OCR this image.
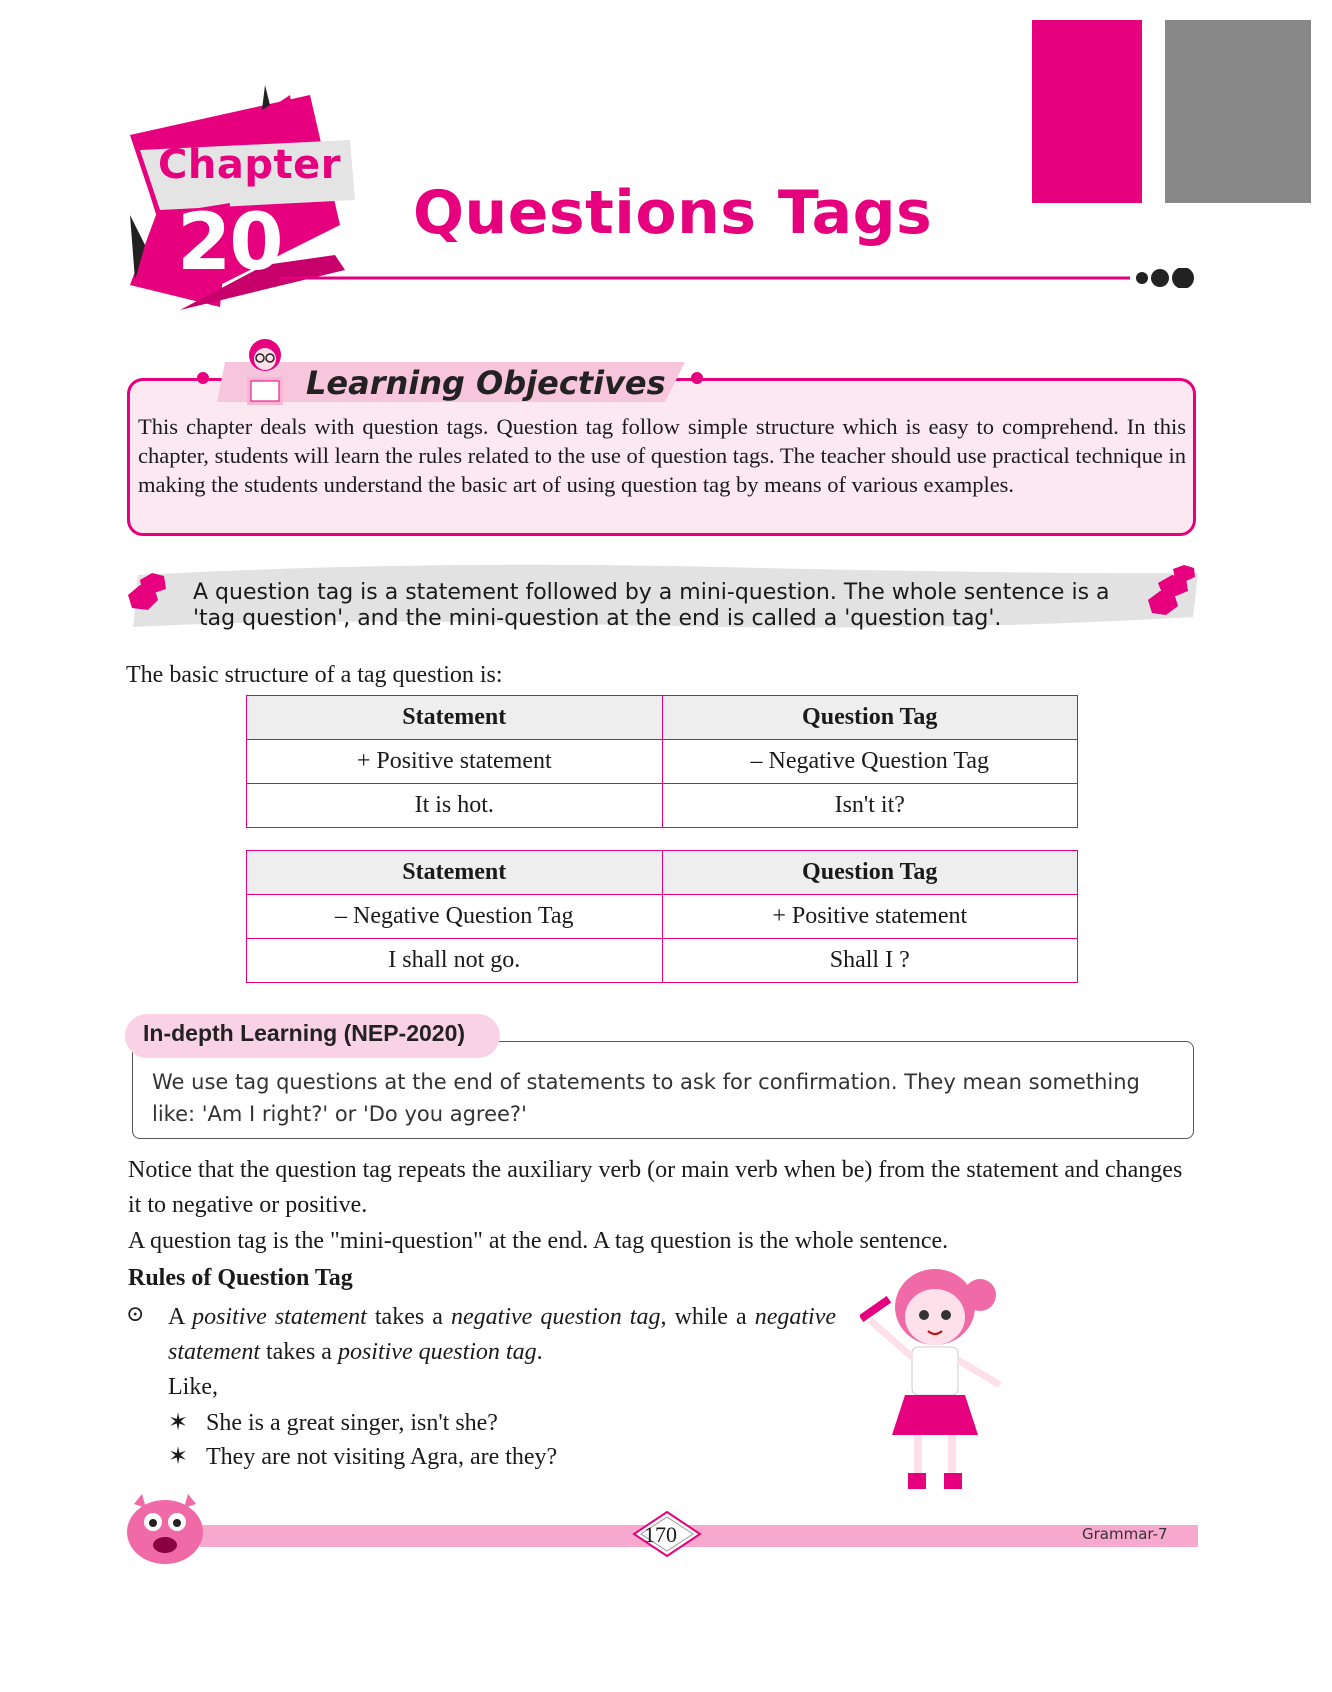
Chapter
20 Questions Tags
Learning Objectives
This chapter deals with question tags. Question tag follow simple structure which is easy to comprehend. In this chapter, students will learn the rules related to the use of question tags. The teacher should use practical technique in making the students understand the basic art of using question tag by means of various examples.
A question tag is a statement followed by a mini-question. The whole sentence is a 'tag question', and the mini-question at the end is called a 'question tag'.
The basic structure of a tag question is:
Statement	Question Tag
+ Positive statement	– Negative Question Tag
It is hot.	Isn't it?
Statement	Question Tag
– Negative Question Tag	+ Positive statement
I shall not go.	Shall I ?
In-depth Learning (NEP-2020)
We use tag questions at the end of statements to ask for confirmation. They mean something like: 'Am I right?' or 'Do you agree?'
Notice that the question tag repeats the auxiliary verb (or main verb when be) from the statement and changes it to negative or positive.
A question tag is the "mini-question" at the end. A tag question is the whole sentence.
Rules of Question Tag
⊙ A positive statement takes a negative question tag, while a negative statement takes a positive question tag.
Like,
✶ She is a great singer, isn't she?
✶ They are not visiting Agra, are they?
170	Grammar-7
